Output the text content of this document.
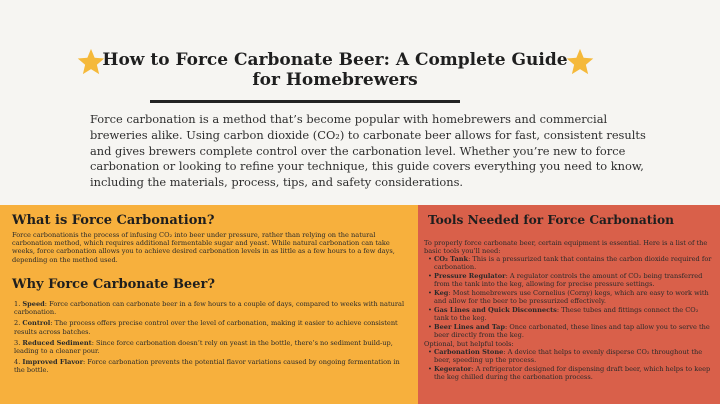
How to Force Carbonate Beer: A Complete Guide for Homebrewers

Force carbonation is a method that’s become popular with homebrewers and commercial breweries alike. Using carbon dioxide (CO₂) to carbonate beer allows for fast, consistent results and gives brewers complete control over the carbonation level. Whether you’re new to force carbonation or looking to refine your technique, this guide covers everything you need to know, including the materials, process, tips, and safety considerations.

What is Force Carbonation?

Force carbonationis the process of infusing CO₂ into beer under pressure, rather than relying on the natural carbonation method, which requires additional fermentable sugar and yeast. While natural carbonation can take weeks, force carbonation allows you to achieve desired carbonation levels in as little as a few hours to a few days, depending on the method used.

Why Force Carbonate Beer?
1. Speed: Force carbonation can carbonate beer in a few hours to a couple of days, compared to weeks with natural carbonation.
2. Control: The process offers precise control over the level of carbonation, making it easier to achieve consistent results across batches.
3. Reduced Sediment: Since force carbonation doesn’t rely on yeast in the bottle, there’s no sediment build-up, leading to a cleaner pour.
4. Improved Flavor: Force carbonation prevents the potential flavor variations caused by ongoing fermentation in the bottle.
Tools Needed for Force Carbonation

To properly force carbonate beer, certain equipment is essential. Here is a list of the basic tools you’ll need:

• CO₂ Tank: This is a pressurized tank that contains the carbon dioxide required for carbonation.
• Pressure Regulator: A regulator controls the amount of CO₂ being transferred from the tank into the keg, allowing for precise pressure settings.
• Keg: Most homebrewers use Cornelius (Corny) kegs, which are easy to work with and allow for the beer to be pressurized effectively.
• Gas Lines and Quick Disconnects: These tubes and fittings connect the CO₂ tank to the keg.
• Beer Lines and Tap: Once carbonated, these lines and tap allow you to serve the beer directly from the keg.

Optional, but helpful tools:

• Carbonation Stone: A device that helps to evenly disperse CO₂ throughout the beer, speeding up the process.
• Kegerator: A refrigerator designed for dispensing draft beer, which helps to keep the keg chilled during the carbonation process.
